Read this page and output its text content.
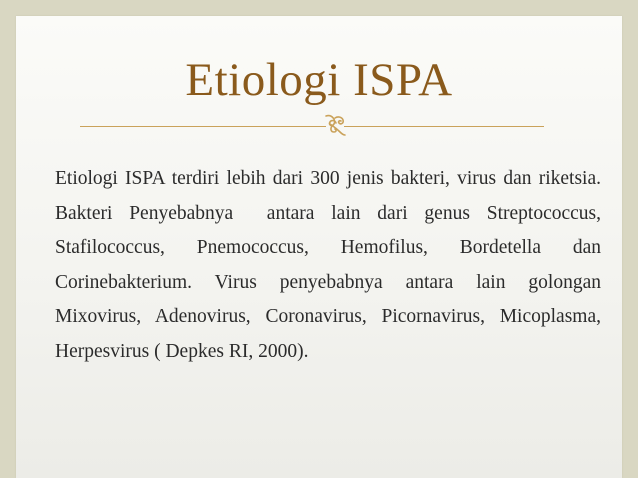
Etiologi ISPA
Etiologi ISPA terdiri lebih dari 300 jenis bakteri, virus dan riketsia. Bakteri Penyebabnya  antara lain dari genus Streptococcus, Stafilococcus, Pnemococcus, Hemofilus, Bordetella dan Corinebakterium. Virus penyebabnya antara lain golongan Mixovirus, Adenovirus, Coronavirus, Picornavirus, Micoplasma, Herpesvirus ( Depkes RI, 2000).
